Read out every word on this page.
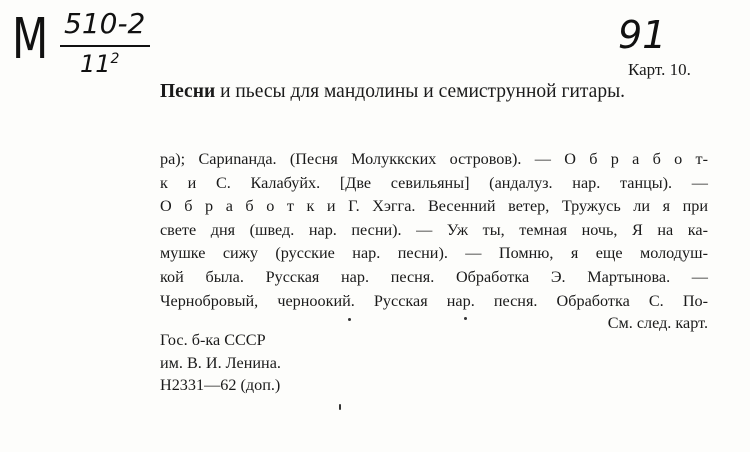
M 510-2
$11^2$
91
Карт. 10.
Песни и пьесы для мандолины и семиструнной гитары.
ра); Сариnанда. (Песня Молуккских островов). — О б р а б о т-
к и С. Калабуйх. [Две севильяны] (андалуз. нар. танцы). —
О б р а б о т к и Г. Хэгга. Весенний ветер, Тружусь ли я при
свете дня (швед. нар. песни). — Уж ты, темная ночь, Я на ка-
мушке сижу (русские нар. песни). — Помню, я еще молодуш-
кой была. Русская нар. песня. Обработка Э. Мартынова. —
Чернобровый, черноокий. Русская нар. песня. Обработка С. По-
См. след. карт.
Гос. б-ка СССР
им. В. И. Ленина.
Н2331—62 (доп.)
